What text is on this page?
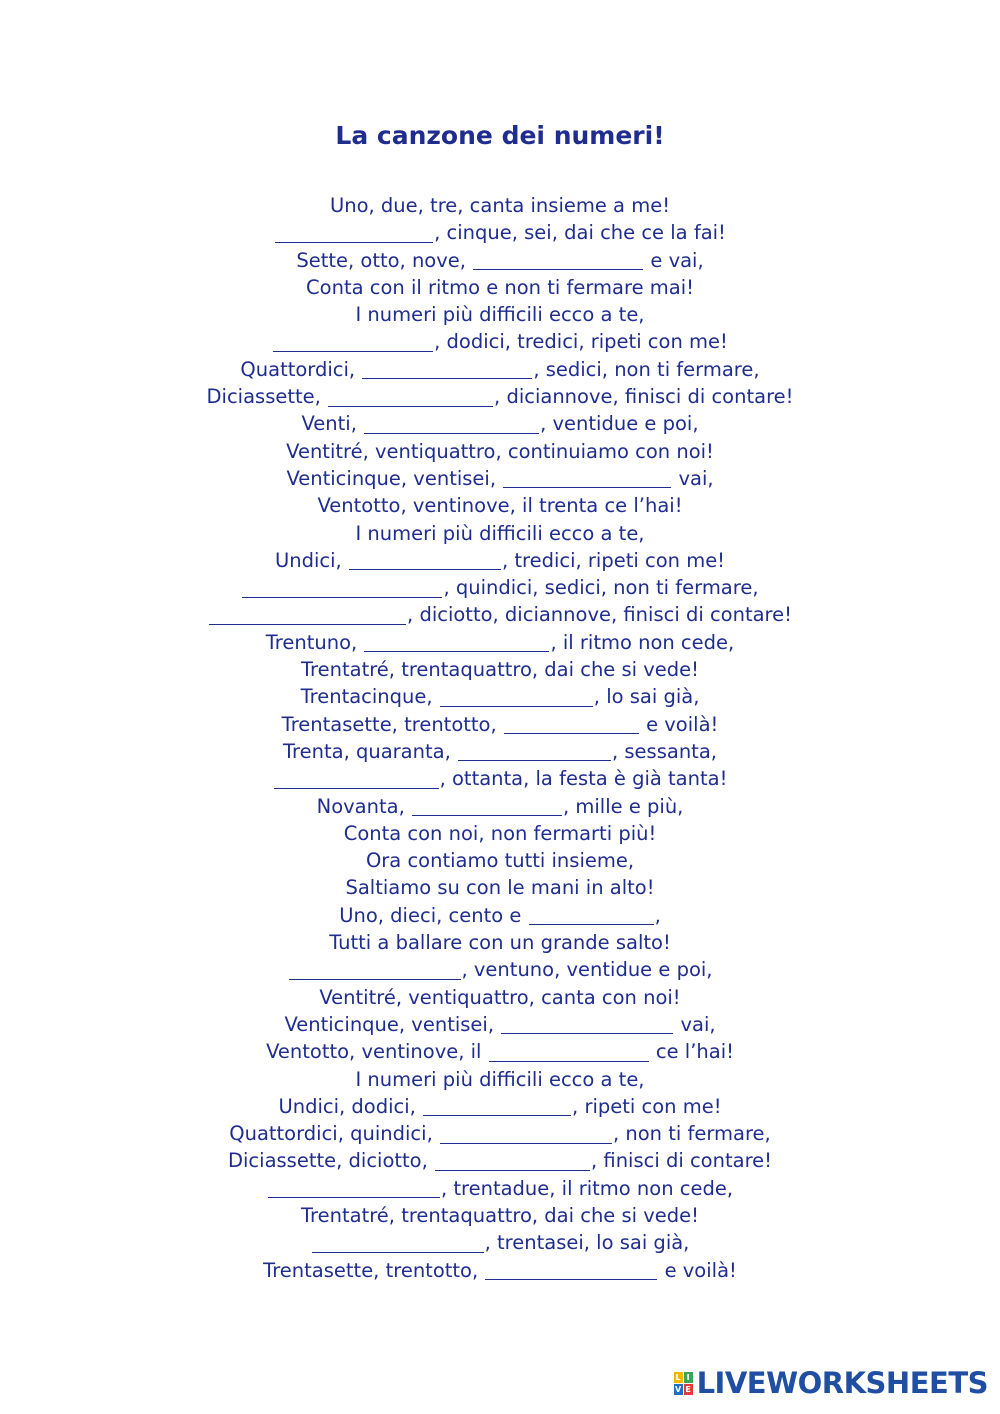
La canzone dei numeri!
Uno, due, tre, canta insieme a me!
, cinque, sei, dai che ce la fai!
Sette, otto, nove,	e vai,
Conta con il ritmo e non ti fermare mai!
I numeri più difficili ecco a te,
, dodici, tredici, ripeti con me!
Quattordici,	, sedici, non ti fermare,
Diciassette,	, diciannove, finisci di contare!
Venti,	, ventidue e poi,
Ventitré, ventiquattro, continuiamo con noi!
Venticinque, ventisei,	vai,
Ventotto, ventinove, il trenta ce l’hai!
I numeri più difficili ecco a te,
Undici,	, tredici, ripeti con me!
, quindici, sedici, non ti fermare,
, diciotto, diciannove, finisci di contare!
Trentuno,	, il ritmo non cede,
Trentatré, trentaquattro, dai che si vede!
Trentacinque,	, lo sai già,
Trentasette, trentotto,	e voilà!
Trenta, quaranta,	, sessanta,
, ottanta, la festa è già tanta!
Novanta,	, mille e più,
Conta con noi, non fermarti più!
Ora contiamo tutti insieme,
Saltiamo su con le mani in alto!
Uno, dieci, cento e	,
Tutti a ballare con un grande salto!
, ventuno, ventidue e poi,
Ventitré, ventiquattro, canta con noi!
Venticinque, ventisei,	vai,
Ventotto, ventinove, il	ce l’hai!
I numeri più difficili ecco a te,
Undici, dodici,	, ripeti con me!
Quattordici, quindici,	, non ti fermare,
Diciassette, diciotto,	, finisci di contare!
, trentadue, il ritmo non cede,
Trentatré, trentaquattro, dai che si vede!
, trentasei, lo sai già,
Trentasette, trentotto,	e voilà!
L I
V E LIVEWORKSHEETS
